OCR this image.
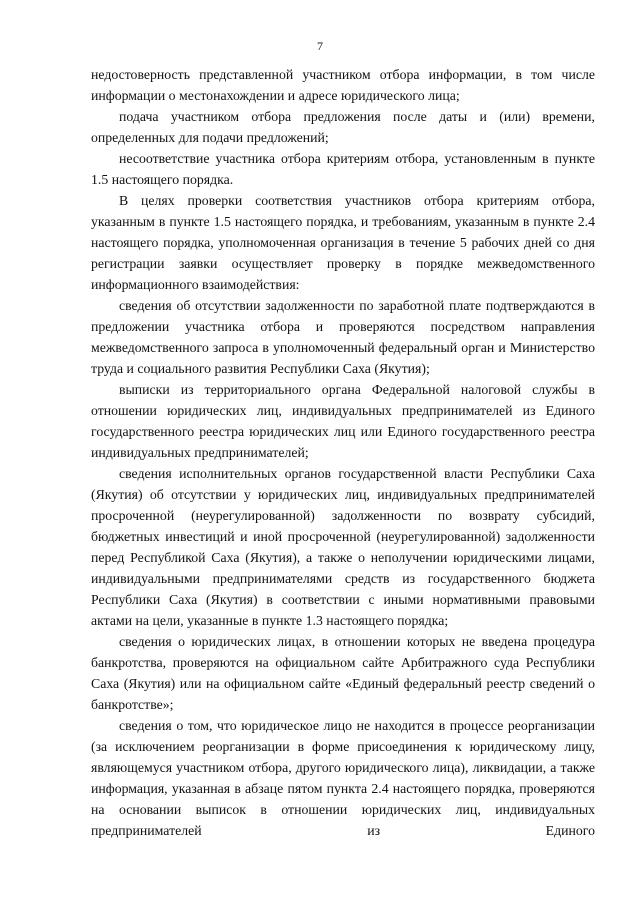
7

недостоверность представленной участником отбора информации, в том числе информации о местонахождении и адресе юридического лица;

подача участником отбора предложения после даты и (или) времени, определенных для подачи предложений;

несоответствие участника отбора критериям отбора, установленным в пункте 1.5 настоящего порядка.

В целях проверки соответствия участников отбора критериям отбора, указанным в пункте 1.5 настоящего порядка, и требованиям, указанным в пункте 2.4 настоящего порядка, уполномоченная организация в течение 5 рабочих дней со дня регистрации заявки осуществляет проверку в порядке межведомственного информационного взаимодействия:

сведения об отсутствии задолженности по заработной плате подтверждаются в предложении участника отбора и проверяются посредством направления межведомственного запроса в уполномоченный федеральный орган и Министерство труда и социального развития Республики Саха (Якутия);

выписки из территориального органа Федеральной налоговой службы в отношении юридических лиц, индивидуальных предпринимателей из Единого государственного реестра юридических лиц или Единого государственного реестра индивидуальных предпринимателей;

сведения исполнительных органов государственной власти Республики Саха (Якутия) об отсутствии у юридических лиц, индивидуальных предпринимателей просроченной (неурегулированной) задолженности по возврату субсидий, бюджетных инвестиций и иной просроченной (неурегулированной) задолженности перед Республикой Саха (Якутия), а также о неполучении юридическими лицами, индивидуальными предпринимателями средств из государственного бюджета Республики Саха (Якутия) в соответствии с иными нормативными правовыми актами на цели, указанные в пункте 1.3 настоящего порядка;

сведения о юридических лицах, в отношении которых не введена процедура банкротства, проверяются на официальном сайте Арбитражного суда Республики Саха (Якутия) или на официальном сайте «Единый федеральный реестр сведений о банкротстве»;

сведения о том, что юридическое лицо не находится в процессе реорганизации (за исключением реорганизации в форме присоединения к юридическому лицу, являющемуся участником отбора, другого юридического лица), ликвидации, а также информация, указанная в абзаце пятом пункта 2.4 настоящего порядка, проверяются на основании выписок в отношении юридических лиц, индивидуальных предпринимателей из Единого
